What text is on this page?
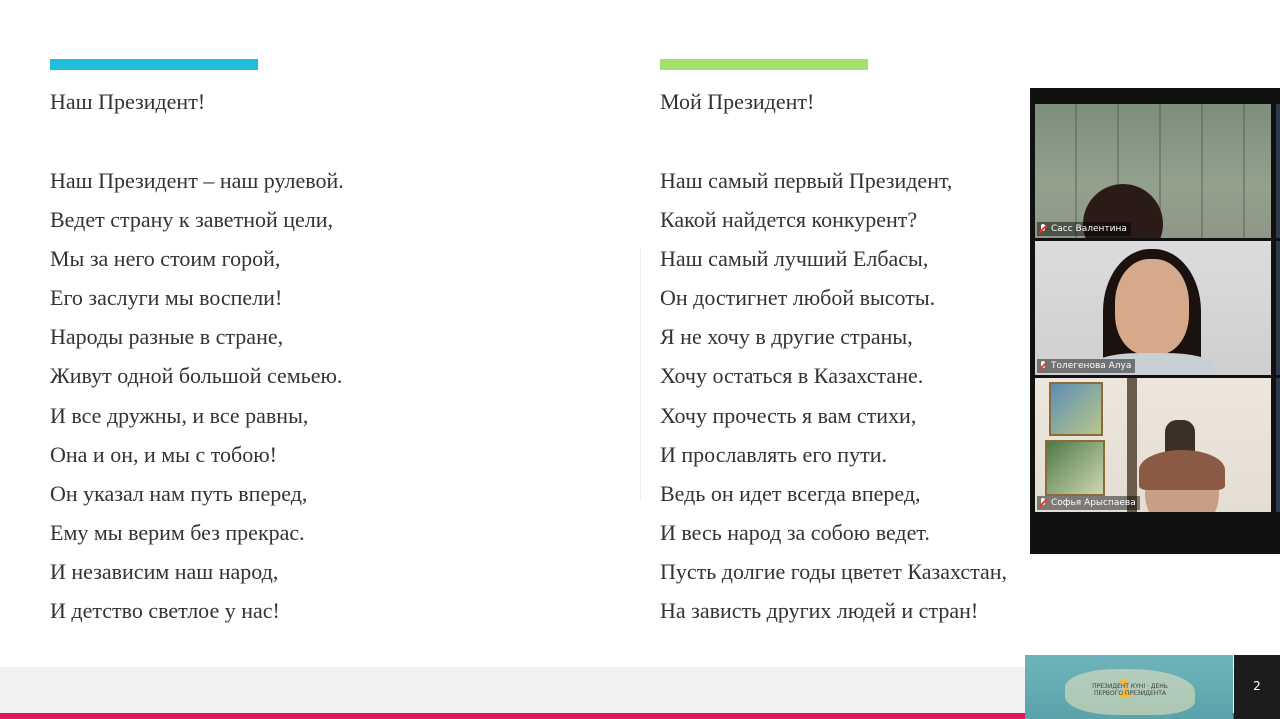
Наш Президент!
Наш Президент – наш рулевой.
Ведет страну к заветной цели,
Мы за него стоим горой,
Его заслуги мы воспели!
Народы разные в стране,
Живут одной большой семьею.
И все дружны, и все равны,
Она и он, и мы с тобою!
Он указал нам путь вперед,
Ему мы верим без прекрас.
И независим наш народ,
И детство светлое у нас!
Мой Президент!
Наш самый первый Президент,
Какой найдется конкурент?
Наш самый лучший Елбасы,
Он достигнет любой высоты.
Я не хочу в другие страны,
Хочу остаться в Казахстане.
Хочу прочесть я вам стихи,
И прославлять его пути.
Ведь он идет всегда вперед,
И весь народ за собою ведет.
Пусть долгие годы цветет Казахстан,
На зависть других людей и стран!
Сасс Валентина
Толегенова Алуа
Софья Арыспаева
1
ПРЕЗИДЕНТ КҮНІ · ДЕНЬ ПЕРВОГО ПРЕЗИДЕНТА
2
